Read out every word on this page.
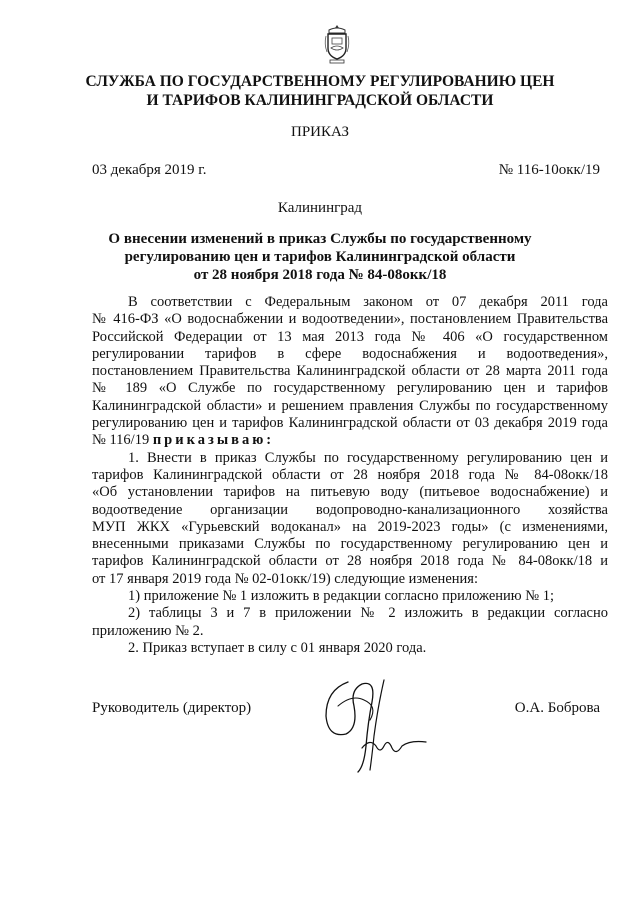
СЛУЖБА ПО ГОСУДАРСТВЕННОМУ РЕГУЛИРОВАНИЮ ЦЕН
И ТАРИФОВ КАЛИНИНГРАДСКОЙ ОБЛАСТИ
ПРИКАЗ
03 декабря 2019 г.	№ 116-10окк/19
Калининград
О внесении изменений в приказ Службы по государственному
регулированию цен и тарифов Калининградской области
от 28 ноября 2018 года № 84-08окк/18
В соответствии с Федеральным законом от 07 декабря 2011 года
№ 416-ФЗ «О водоснабжении и водоотведении», постановлением Правительства
Российской Федерации от 13 мая 2013 года № 406 «О государственном
регулировании тарифов в сфере водоснабжения и водоотведения»,
постановлением Правительства Калининградской области от 28 марта 2011 года
№ 189 «О Службе по государственному регулированию цен и тарифов
Калининградской области» и решением правления Службы по государственному
регулированию цен и тарифов Калининградской области от 03 декабря 2019 года
№ 116/19 приказываю:
1. Внести в приказ Службы по государственному регулированию цен и
тарифов Калининградской области от 28 ноября 2018 года № 84-08окк/18
«Об установлении тарифов на питьевую воду (питьевое водоснабжение) и
водоотведение организации водопроводно-канализационного хозяйства
МУП ЖКХ «Гурьевский водоканал» на 2019-2023 годы» (с изменениями,
внесенными приказами Службы по государственному регулированию цен и
тарифов Калининградской области от 28 ноября 2018 года № 84-08окк/18 и
от 17 января 2019 года № 02-01окк/19) следующие изменения:
1) приложение № 1 изложить в редакции согласно приложению № 1;
2) таблицы 3 и 7 в приложении № 2 изложить в редакции согласно
приложению № 2.
2. Приказ вступает в силу с 01 января 2020 года.
Руководитель (директор)	О.А. Боброва
